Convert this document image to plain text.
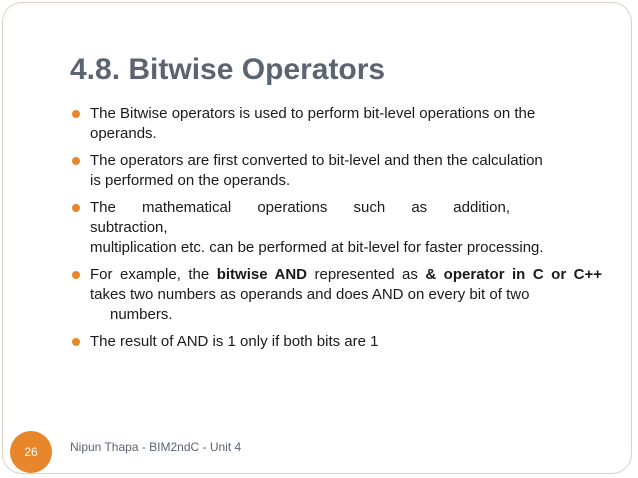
4.8. Bitwise Operators
The Bitwise operators is used to perform bit-level operations on the
operands.
The operators are first converted to bit-level and then the calculation
is performed on the operands.
The mathematical operations such as addition,
subtraction,
multiplication etc. can be performed at bit-level for faster processing.
For example, the bitwise AND represented as & operator in C or C++ takes two numbers as operands and does AND on every bit of two
numbers.
The result of AND is 1 only if both bits are 1
26	Nipun Thapa - BIM2ndC - Unit 4
